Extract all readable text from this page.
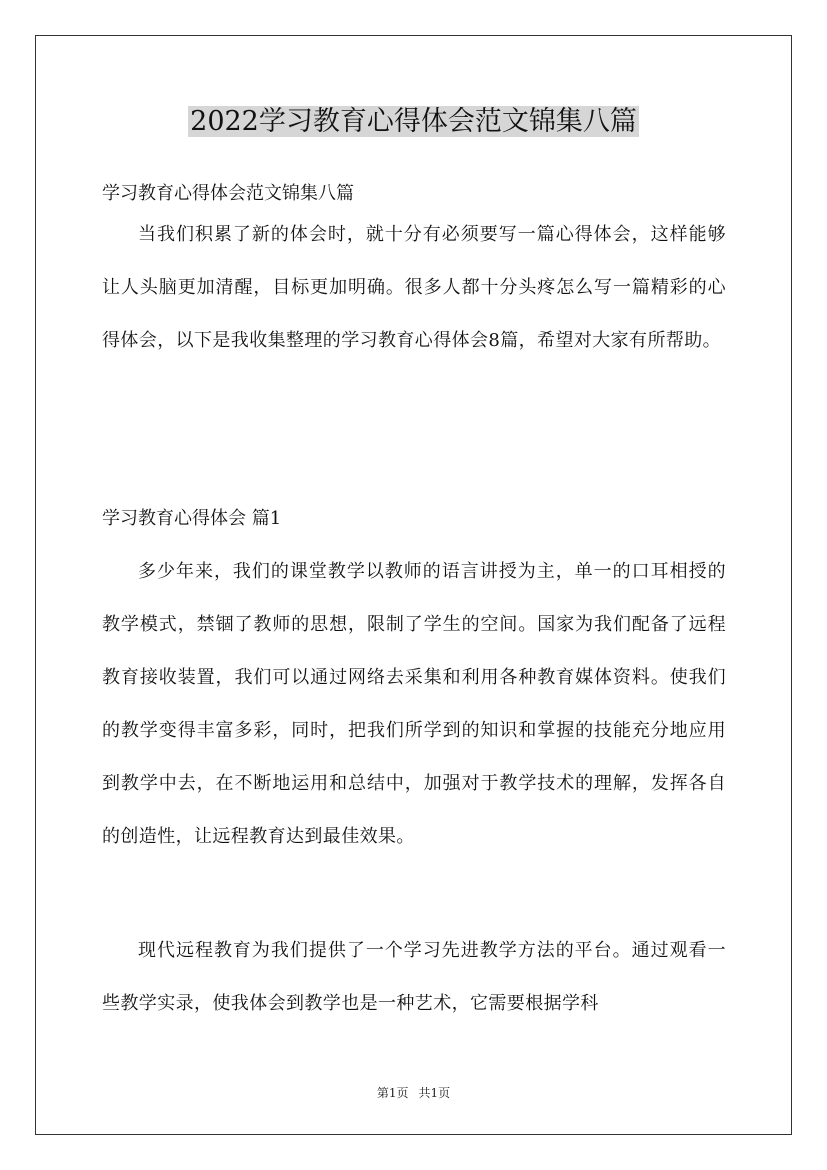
2022学习教育心得体会范文锦集八篇

学习教育心得体会范文锦集八篇

当我们积累了新的体会时，就十分有必须要写一篇心得体会，这样能够让人头脑更加清醒，目标更加明确。很多人都十分头疼怎么写一篇精彩的心得体会，以下是我收集整理的学习教育心得体会8篇，希望对大家有所帮助。

学习教育心得体会 篇1

多少年来，我们的课堂教学以教师的语言讲授为主，单一的口耳相授的教学模式，禁锢了教师的思想，限制了学生的空间。国家为我们配备了远程教育接收装置，我们可以通过网络去采集和利用各种教育媒体资料。使我们的教学变得丰富多彩，同时，把我们所学到的知识和掌握的技能充分地应用到教学中去，在不断地运用和总结中，加强对于教学技术的理解，发挥各自的创造性，让远程教育达到最佳效果。

现代远程教育为我们提供了一个学习先进教学方法的平台。通过观看一些教学实录，使我体会到教学也是一种艺术，它需要根据学科

第1页 共1页
